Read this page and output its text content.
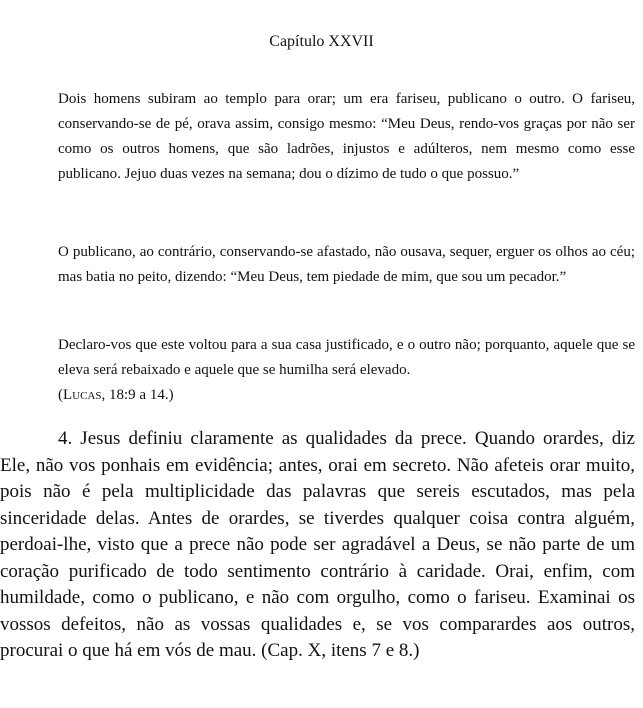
Capítulo XXVII

Dois homens subiram ao templo para orar; um era fariseu, publicano o outro. O fariseu, conservando-se de pé, orava assim, consigo mesmo: “Meu Deus, rendo-vos graças por não ser como os outros homens, que são ladrões, injustos e adúlteros, nem mesmo como esse publicano. Jejuo duas vezes na semana; dou o dízimo de tudo o que possuo.”

O publicano, ao contrário, conservando-se afastado, não ousava, sequer, erguer os olhos ao céu; mas batia no peito, dizendo: “Meu Deus, tem piedade de mim, que sou um pecador.”

Declaro-vos que este voltou para a sua casa justificado, e o outro não; porquanto, aquele que se eleva será rebaixado e aquele que se humilha será elevado.
(Lucas, 18:9 a 14.)

4. Jesus definiu claramente as qualidades da prece. Quando orardes, diz Ele, não vos ponhais em evidência; antes, orai em secreto. Não afeteis orar muito, pois não é pela multiplicidade das palavras que sereis escutados, mas pela sinceridade delas. Antes de orardes, se tiverdes qualquer coisa contra alguém, perdoai-lhe, visto que a prece não pode ser agradável a Deus, se não parte de um coração purificado de todo sentimento contrário à caridade. Orai, enfim, com humildade, como o publicano, e não com orgulho, como o fariseu. Examinai os vossos defeitos, não as vossas qualidades e, se vos comparardes aos outros, procurai o que há em vós de mau. (Cap. X, itens 7 e 8.)
